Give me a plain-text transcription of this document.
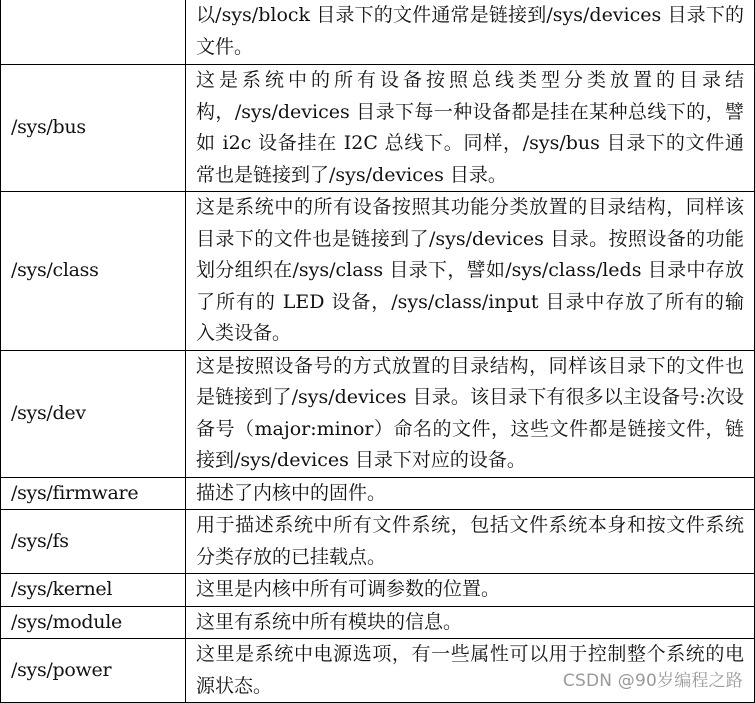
	以/sys/block 目录下的文件通常是链接到/sys/devices 目录下的文件。
/sys/bus	这是系统中的所有设备按照总线类型分类放置的目录结构，/sys/devices 目录下每一种设备都是挂在某种总线下的，譬如 i2c 设备挂在 I2C 总线下。同样，/sys/bus 目录下的文件通常也是链接到了/sys/devices 目录。
/sys/class	这是系统中的所有设备按照其功能分类放置的目录结构，同样该目录下的文件也是链接到了/sys/devices 目录。按照设备的功能划分组织在/sys/class 目录下，譬如/sys/class/leds 目录中存放了所有的 LED 设备，/sys/class/input 目录中存放了所有的输入类设备。
/sys/dev	这是按照设备号的方式放置的目录结构，同样该目录下的文件也是链接到了/sys/devices 目录。该目录下有很多以主设备号:次设备号（major:minor）命名的文件，这些文件都是链接文件，链接到/sys/devices 目录下对应的设备。
/sys/firmware	描述了内核中的固件。
/sys/fs	用于描述系统中所有文件系统，包括文件系统本身和按文件系统分类存放的已挂载点。
/sys/kernel	这里是内核中所有可调参数的位置。
/sys/module	这里有系统中所有模块的信息。
/sys/power	这里是系统中电源选项，有一些属性可以用于控制整个系统的电源状态。	CSDN @90岁编程之路
